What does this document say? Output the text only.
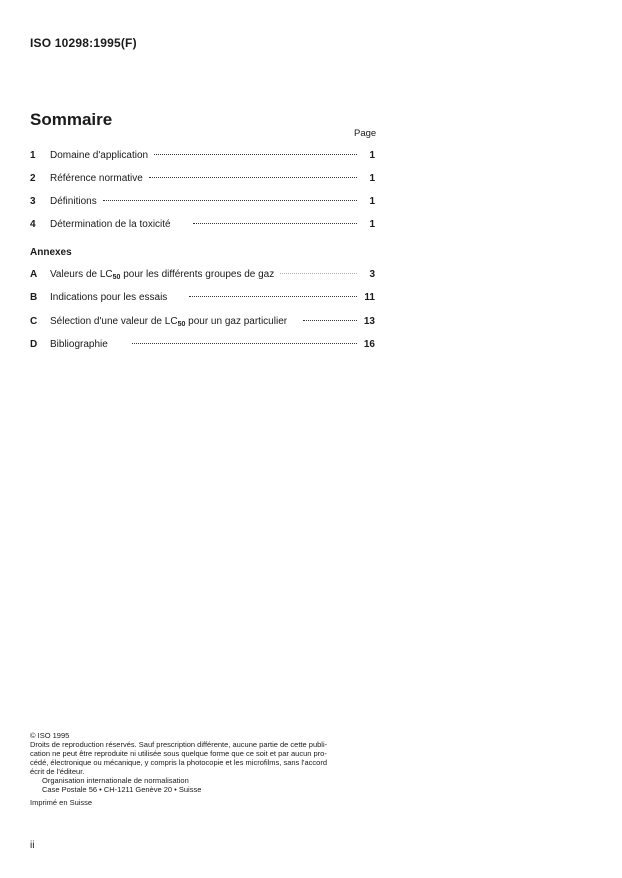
ISO 10298:1995(F)
Sommaire
Page
1	Domaine d'application	1
2	Référence normative	1
3	Définitions	1
4	Détermination de la toxicité	1
Annexes
A	Valeurs de $LC_{50}$ pour les différents groupes de gaz	3
B	Indications pour les essais	11
C	Sélection d'une valeur de $LC_{50}$ pour un gaz particulier	13
D	Bibliographie	16

© ISO 1995

Droits de reproduction réservés. Sauf prescription différente, aucune partie de cette publi-

cation ne peut être reproduite ni utilisée sous quelque forme que ce soit et par aucun pro-

cédé, électronique ou mécanique, y compris la photocopie et les microfilms, sans l'accord

écrit de l'éditeur.

Organisation internationale de normalisation

Case Postale 56 • CH-1211 Genève 20 • Suisse

Imprimé en Suisse

ii
